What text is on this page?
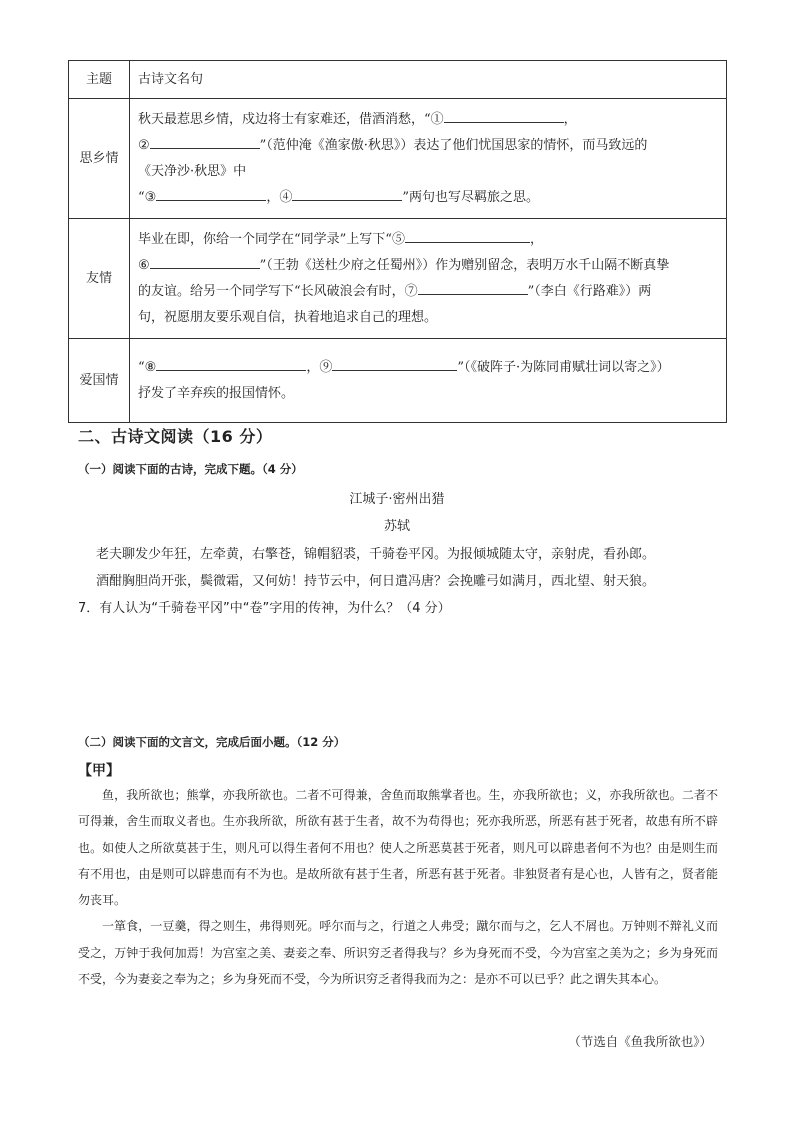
主题	古诗文名句
思乡情	秋天最惹思乡情，戍边将士有家难还，借酒消愁，“① ，
② ”（范仲淹《渔家傲·秋思》）表达了他们忧国思家的情怀，而马致远的
《天净沙·秋思》中
“③ ，④ ”两句也写尽羁旅之思。

友情	毕业在即，你给一个同学在“同学录”上写下“⑤ ，
⑥ ”（王勃《送杜少府之任蜀州》）作为赠别留念，表明万水千山隔不断真挚
的友谊。给另一个同学写下“长风破浪会有时，⑦ ”（李白《行路难》）两
句，祝愿朋友要乐观自信，执着地追求自己的理想。

爱国情	“⑧ ，⑨ ”（《破阵子·为陈同甫赋壮词以寄之》）
抒发了辛弃疾的报国情怀。
二、古诗文阅读（16 分）
（一）阅读下面的古诗，完成下题。（4 分）
江城子·密州出猎
苏轼
老夫聊发少年狂，左牵黄，右擎苍，锦帽貂裘，千骑卷平冈。为报倾城随太守，亲射虎，看孙郎。
酒酣胸胆尚开张，鬓微霜，又何妨！持节云中，何日遣冯唐？会挽雕弓如满月，西北望、射天狼。
7．有人认为“千骑卷平冈”中“卷”字用的传神，为什么？（4 分）
（二）阅读下面的文言文，完成后面小题。（12 分）
【甲】

鱼，我所欲也；熊掌，亦我所欲也。二者不可得兼，舍鱼而取熊掌者也。生，亦我所欲也；义，亦我所欲也。二者不可得兼，舍生而取义者也。生亦我所欲，所欲有甚于生者，故不为苟得也；死亦我所恶，所恶有甚于死者，故患有所不辟也。如使人之所欲莫甚于生，则凡可以得生者何不用也？使人之所恶莫甚于死者，则凡可以辟患者何不为也？由是则生而有不用也，由是则可以辟患而有不为也。是故所欲有甚于生者，所恶有甚于死者。非独贤者有是心也，人皆有之，贤者能勿丧耳。

一箪食，一豆羹，得之则生，弗得则死。呼尔而与之，行道之人弗受；蹴尔而与之，乞人不屑也。万钟则不辩礼义而受之，万钟于我何加焉！为宫室之美、妻妾之奉、所识穷乏者得我与？乡为身死而不受，今为宫室之美为之；乡为身死而不受，今为妻妾之奉为之；乡为身死而不受，今为所识穷乏者得我而为之：是亦不可以已乎？此之谓失其本心。

（节选自《鱼我所欲也》）
